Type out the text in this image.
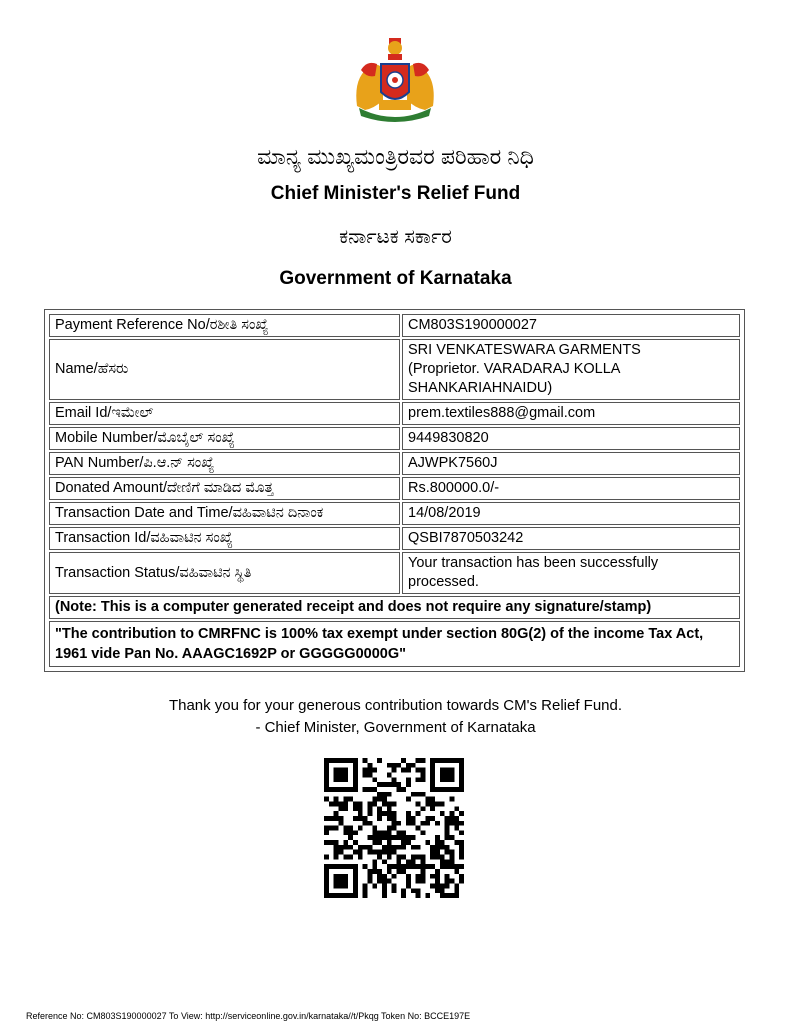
ಮಾನ್ಯ ಮುಖ್ಯಮಂತ್ರಿರವರ ಪರಿಹಾರ ನಿಧಿ
Chief Minister's Relief Fund
ಕರ್ನಾಟಕ ಸರ್ಕಾರ
Government of Karnataka
Payment Reference No/ರಶೀತಿ ಸಂಖ್ಯೆ	CM803S190000027
Name/ಹೆಸರು	SRI VENKATESWARA GARMENTS
(Proprietor. VARADARAJ KOLLA
SHANKARIAHNAIDU)

Email Id/ಇಮೇಲ್	prem.textiles888@gmail.com
Mobile Number/ಮೊಬೈಲ್ ಸಂಖ್ಯೆ	9449830820
PAN Number/ಪಿ.ಆ.ನ್ ಸಂಖ್ಯೆ	AJWPK7560J
Donated Amount/ದೇಣಿಗೆ ಮಾಡಿದ ಮೊತ್ತ	Rs.800000.0/-
Transaction Date and Time/ವಹಿವಾಟಿನ ದಿನಾಂಕ	14/08/2019
Transaction Id/ವಹಿವಾಟಿನ ಸಂಖ್ಯೆ	QSBI7870503242
Transaction Status/ವಹಿವಾಟಿನ ಸ್ಥಿತಿ	Your transaction has been successfully
processed.

(Note: This is a computer generated receipt and does not require any signature/stamp)	
"The contribution to CMRFNC is 100% tax exempt under section 80G(2) of the income Tax Act, 1961 vide Pan No. AAAGC1692P or GGGGG0000G"	
Thank you for your generous contribution towards CM's Relief Fund.
- Chief Minister, Government of Karnataka
Reference No: CM803S190000027 To View: http://serviceonline.gov.in/karnataka//t/Pkqg Token No: BCCE197E
